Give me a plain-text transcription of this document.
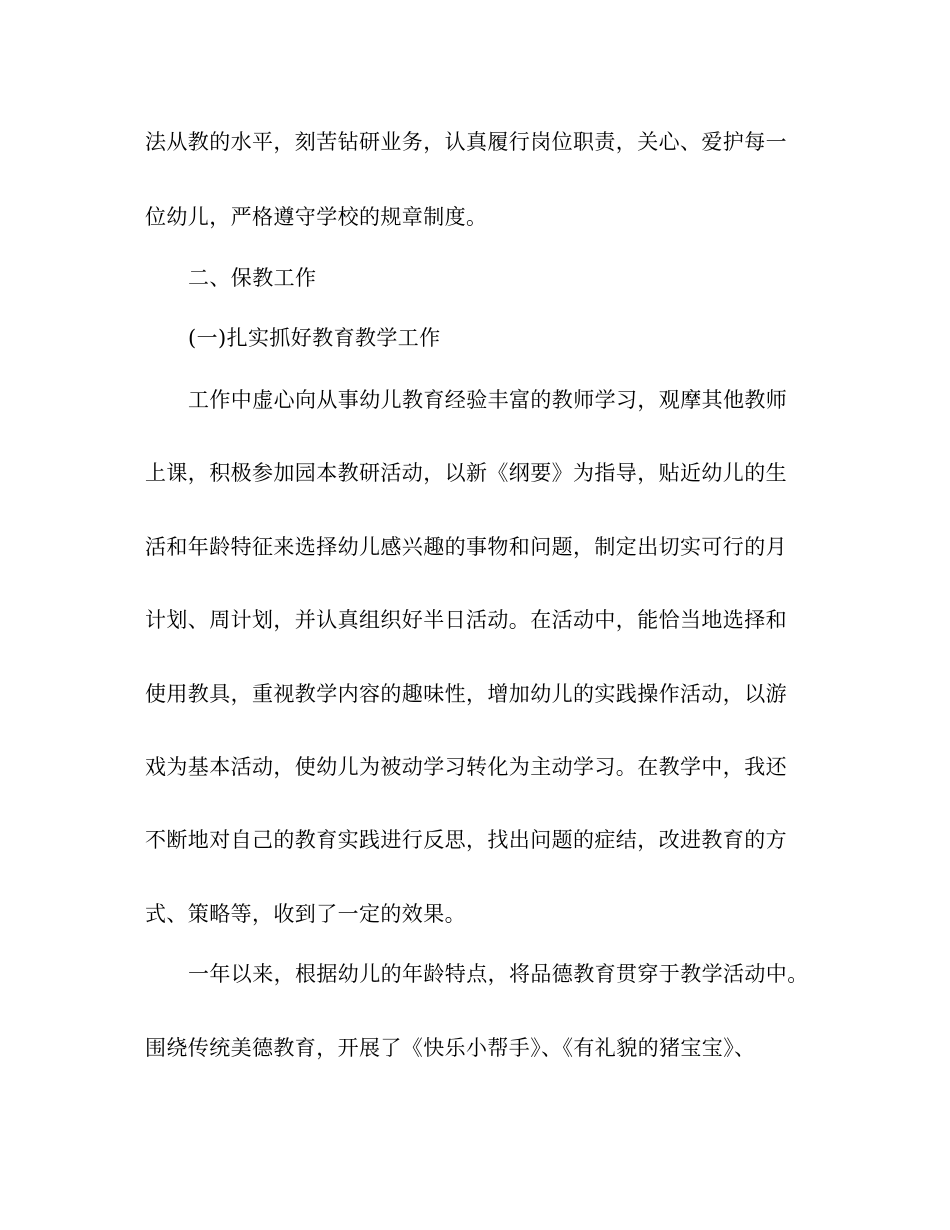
法从教的水平，刻苦钻研业务，认真履行岗位职责，关心、爱护每一
位幼儿，严格遵守学校的规章制度。
二、保教工作
(一)扎实抓好教育教学工作
工作中虚心向从事幼儿教育经验丰富的教师学习，观摩其他教师
上课，积极参加园本教研活动，以新《纲要》为指导，贴近幼儿的生
活和年龄特征来选择幼儿感兴趣的事物和问题，制定出切实可行的月
计划、周计划，并认真组织好半日活动。在活动中，能恰当地选择和
使用教具，重视教学内容的趣味性，增加幼儿的实践操作活动，以游
戏为基本活动，使幼儿为被动学习转化为主动学习。在教学中，我还
不断地对自己的教育实践进行反思，找出问题的症结，改进教育的方
式、策略等，收到了一定的效果。
一年以来，根据幼儿的年龄特点，将品德教育贯穿于教学活动中。
围绕传统美德教育，开展了《快乐小帮手》、《有礼貌的猪宝宝》、
